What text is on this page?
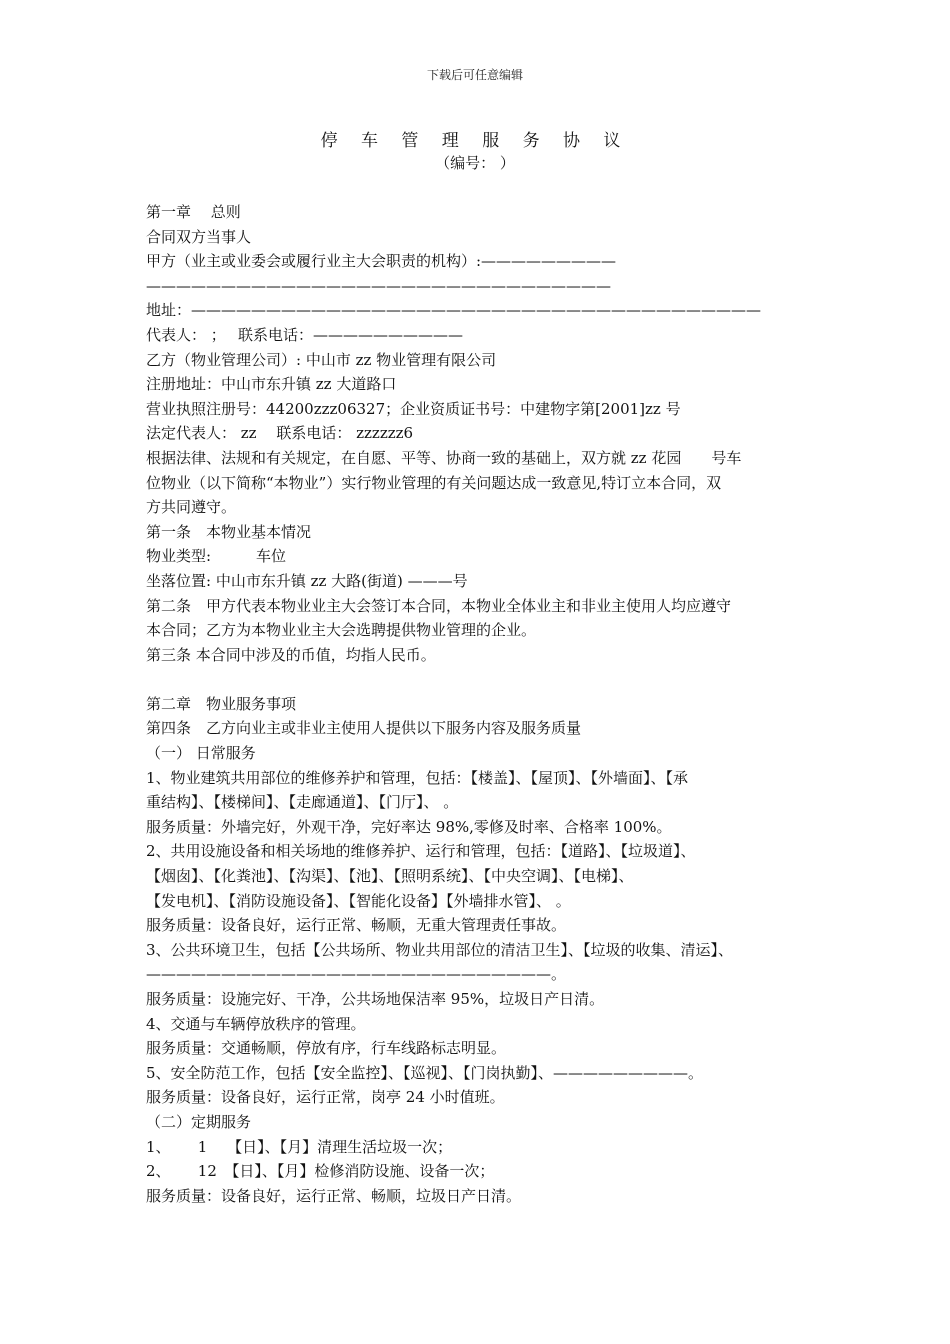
下载后可任意编辑
停 车 管 理 服 务 协 议
（编号： ）
第一章　 总则
合同双方当事人
甲方（业主或业委会或履行业主大会职责的机构）:—————————
———————————————————————————————
地址：——————————————————————————————————————
代表人： ；　 联系电话：——————————
乙方（物业管理公司）: 中山市 zz 物业管理有限公司
注册地址：中山市东升镇 zz 大道路口
营业执照注册号：44200zzz06327；企业资质证书号：中建物字第[2001]zz 号
法定代表人： zz　 联系电话： zzzzzz6
根据法律、法规和有关规定，在自愿、平等、协商一致的基础上，双方就 zz 花园　　号车
位物业（以下简称“本物业”）实行物业管理的有关问题达成一致意见,特订立本合同，双
方共同遵守。
第一条　本物业基本情况
物业类型:　　　车位
坐落位置: 中山市东升镇 zz 大路(街道) ———号
第二条　甲方代表本物业业主大会签订本合同，本物业全体业主和非业主使用人均应遵守
本合同；乙方为本物业业主大会选聘提供物业管理的企业。
第三条 本合同中涉及的币值，均指人民币。
第二章　物业服务事项
第四条　乙方向业主或非业主使用人提供以下服务内容及服务质量
（一） 日常服务
1、物业建筑共用部位的维修养护和管理，包括：【楼盖】、【屋顶】、【外墙面】、【承
重结构】、【楼梯间】、【走廊通道】、【门厅】、 。
服务质量：外墙完好，外观干净，完好率达 98%,零修及时率、合格率 100%。
2、共用设施设备和相关场地的维修养护、运行和管理，包括：【道路】、【垃圾道】、
【烟囱】、【化粪池】、【沟渠】、【池】、【照明系统】、【中央空调】、【电梯】、
【发电机】、【消防设施设备】、【智能化设备】【外墙排水管】、 。
服务质量：设备良好，运行正常、畅顺，无重大管理责任事故。
3、公共环境卫生，包括【公共场所、物业共用部位的清洁卫生】、【垃圾的收集、清运】、
———————————————————————————。
服务质量：设施完好、干净，公共场地保洁率 95%，垃圾日产日清。
4、交通与车辆停放秩序的管理。
服务质量：交通畅顺，停放有序，行车线路标志明显。
5、安全防范工作，包括【安全监控】、【巡视】、【门岗执勤】、—————————。
服务质量：设备良好，运行正常，岗亭 24 小时值班。
（二）定期服务
1、　　 1　 【日】、【月】清理生活垃圾一次；
2、　　 12　【日】、【月】检修消防设施、设备一次；
服务质量：设备良好，运行正常、畅顺，垃圾日产日清。
